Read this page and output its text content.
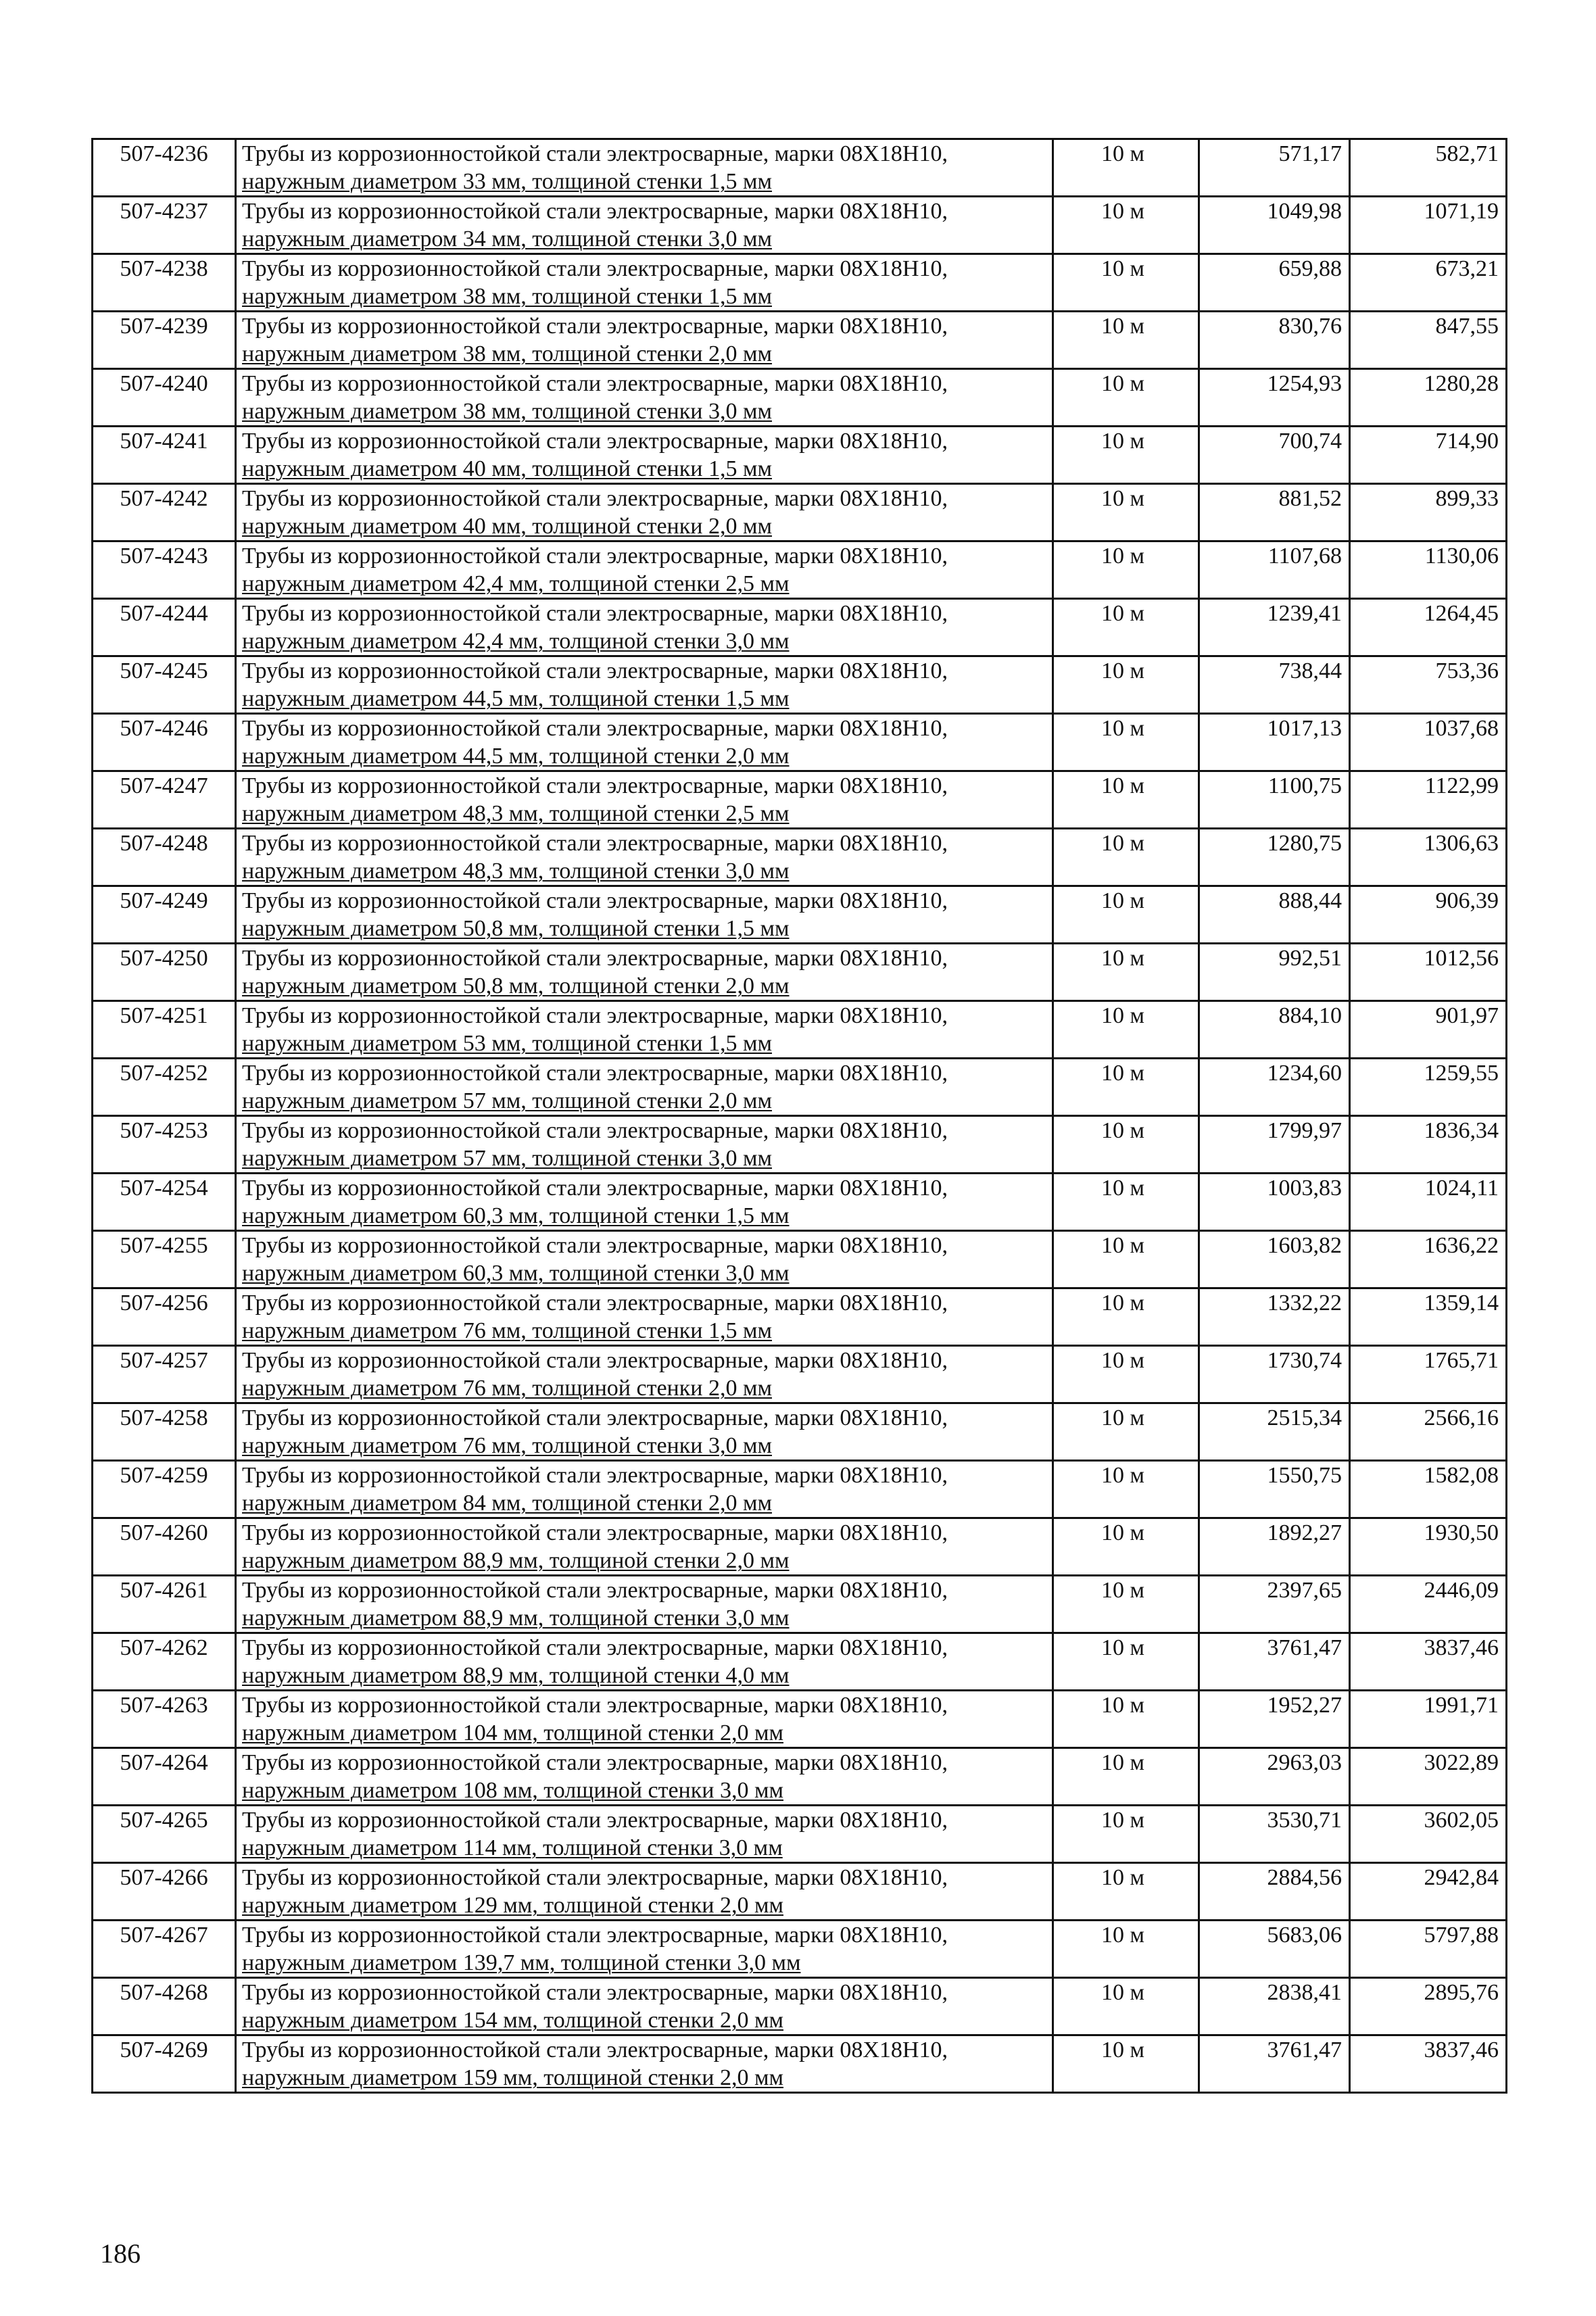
507-4236	Трубы из коррозионностойкой стали электросварные, марки 08Х18Н10,
наружным диаметром 33 мм, толщиной стенки 1,5 мм	10 м	571,17	582,71
507-4237	Трубы из коррозионностойкой стали электросварные, марки 08Х18Н10,
наружным диаметром 34 мм, толщиной стенки 3,0 мм	10 м	1049,98	1071,19
507-4238	Трубы из коррозионностойкой стали электросварные, марки 08Х18Н10,
наружным диаметром 38 мм, толщиной стенки 1,5 мм	10 м	659,88	673,21
507-4239	Трубы из коррозионностойкой стали электросварные, марки 08Х18Н10,
наружным диаметром 38 мм, толщиной стенки 2,0 мм	10 м	830,76	847,55
507-4240	Трубы из коррозионностойкой стали электросварные, марки 08Х18Н10,
наружным диаметром 38 мм, толщиной стенки 3,0 мм	10 м	1254,93	1280,28
507-4241	Трубы из коррозионностойкой стали электросварные, марки 08Х18Н10,
наружным диаметром 40 мм, толщиной стенки 1,5 мм	10 м	700,74	714,90
507-4242	Трубы из коррозионностойкой стали электросварные, марки 08Х18Н10,
наружным диаметром 40 мм, толщиной стенки 2,0 мм	10 м	881,52	899,33
507-4243	Трубы из коррозионностойкой стали электросварные, марки 08Х18Н10,
наружным диаметром 42,4 мм, толщиной стенки 2,5 мм	10 м	1107,68	1130,06
507-4244	Трубы из коррозионностойкой стали электросварные, марки 08Х18Н10,
наружным диаметром 42,4 мм, толщиной стенки 3,0 мм	10 м	1239,41	1264,45
507-4245	Трубы из коррозионностойкой стали электросварные, марки 08Х18Н10,
наружным диаметром 44,5 мм, толщиной стенки 1,5 мм	10 м	738,44	753,36
507-4246	Трубы из коррозионностойкой стали электросварные, марки 08Х18Н10,
наружным диаметром 44,5 мм, толщиной стенки 2,0 мм	10 м	1017,13	1037,68
507-4247	Трубы из коррозионностойкой стали электросварные, марки 08Х18Н10,
наружным диаметром 48,3 мм, толщиной стенки 2,5 мм	10 м	1100,75	1122,99
507-4248	Трубы из коррозионностойкой стали электросварные, марки 08Х18Н10,
наружным диаметром 48,3 мм, толщиной стенки 3,0 мм	10 м	1280,75	1306,63
507-4249	Трубы из коррозионностойкой стали электросварные, марки 08Х18Н10,
наружным диаметром 50,8 мм, толщиной стенки 1,5 мм	10 м	888,44	906,39
507-4250	Трубы из коррозионностойкой стали электросварные, марки 08Х18Н10,
наружным диаметром 50,8 мм, толщиной стенки 2,0 мм	10 м	992,51	1012,56
507-4251	Трубы из коррозионностойкой стали электросварные, марки 08Х18Н10,
наружным диаметром 53 мм, толщиной стенки 1,5 мм	10 м	884,10	901,97
507-4252	Трубы из коррозионностойкой стали электросварные, марки 08Х18Н10,
наружным диаметром 57 мм, толщиной стенки 2,0 мм	10 м	1234,60	1259,55
507-4253	Трубы из коррозионностойкой стали электросварные, марки 08Х18Н10,
наружным диаметром 57 мм, толщиной стенки 3,0 мм	10 м	1799,97	1836,34
507-4254	Трубы из коррозионностойкой стали электросварные, марки 08Х18Н10,
наружным диаметром 60,3 мм, толщиной стенки 1,5 мм	10 м	1003,83	1024,11
507-4255	Трубы из коррозионностойкой стали электросварные, марки 08Х18Н10,
наружным диаметром 60,3 мм, толщиной стенки 3,0 мм	10 м	1603,82	1636,22
507-4256	Трубы из коррозионностойкой стали электросварные, марки 08Х18Н10,
наружным диаметром 76 мм, толщиной стенки 1,5 мм	10 м	1332,22	1359,14
507-4257	Трубы из коррозионностойкой стали электросварные, марки 08Х18Н10,
наружным диаметром 76 мм, толщиной стенки 2,0 мм	10 м	1730,74	1765,71
507-4258	Трубы из коррозионностойкой стали электросварные, марки 08Х18Н10,
наружным диаметром 76 мм, толщиной стенки 3,0 мм	10 м	2515,34	2566,16
507-4259	Трубы из коррозионностойкой стали электросварные, марки 08Х18Н10,
наружным диаметром 84 мм, толщиной стенки 2,0 мм	10 м	1550,75	1582,08
507-4260	Трубы из коррозионностойкой стали электросварные, марки 08Х18Н10,
наружным диаметром 88,9 мм, толщиной стенки 2,0 мм	10 м	1892,27	1930,50
507-4261	Трубы из коррозионностойкой стали электросварные, марки 08Х18Н10,
наружным диаметром 88,9 мм, толщиной стенки 3,0 мм	10 м	2397,65	2446,09
507-4262	Трубы из коррозионностойкой стали электросварные, марки 08Х18Н10,
наружным диаметром 88,9 мм, толщиной стенки 4,0 мм	10 м	3761,47	3837,46
507-4263	Трубы из коррозионностойкой стали электросварные, марки 08Х18Н10,
наружным диаметром 104 мм, толщиной стенки 2,0 мм	10 м	1952,27	1991,71
507-4264	Трубы из коррозионностойкой стали электросварные, марки 08Х18Н10,
наружным диаметром 108 мм, толщиной стенки 3,0 мм	10 м	2963,03	3022,89
507-4265	Трубы из коррозионностойкой стали электросварные, марки 08Х18Н10,
наружным диаметром 114 мм, толщиной стенки 3,0 мм	10 м	3530,71	3602,05
507-4266	Трубы из коррозионностойкой стали электросварные, марки 08Х18Н10,
наружным диаметром 129 мм, толщиной стенки 2,0 мм	10 м	2884,56	2942,84
507-4267	Трубы из коррозионностойкой стали электросварные, марки 08Х18Н10,
наружным диаметром 139,7 мм, толщиной стенки 3,0 мм	10 м	5683,06	5797,88
507-4268	Трубы из коррозионностойкой стали электросварные, марки 08Х18Н10,
наружным диаметром 154 мм, толщиной стенки 2,0 мм	10 м	2838,41	2895,76
507-4269	Трубы из коррозионностойкой стали электросварные, марки 08Х18Н10,
наружным диаметром 159 мм, толщиной стенки 2,0 мм	10 м	3761,47	3837,46
186
